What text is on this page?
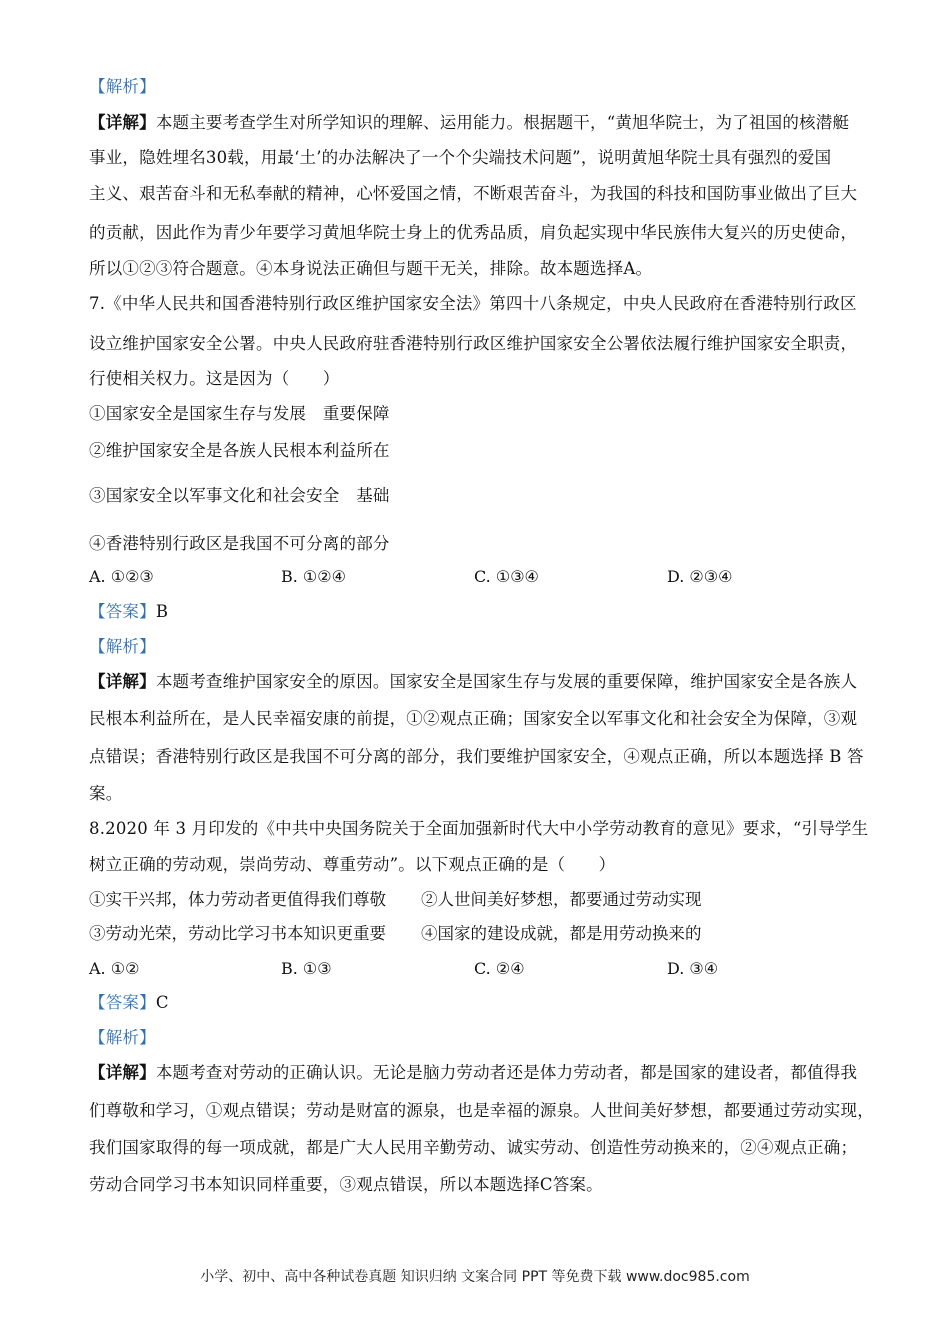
【解析】
【详解】本题主要考查学生对所学知识的理解、运用能力。根据题干，“黄旭华院士，为了祖国的核潜艇
事业，隐姓埋名30载，用最‘土’的办法解决了一个个尖端技术问题”，说明黄旭华院士具有强烈的爱国
主义、艰苦奋斗和无私奉献的精神，心怀爱国之情，不断艰苦奋斗，为我国的科技和国防事业做出了巨大
的贡献，因此作为青少年要学习黄旭华院士身上的优秀品质，肩负起实现中华民族伟大复兴的历史使命，
所以①②③符合题意。④本身说法正确但与题干无关，排除。故本题选择A。
7.《中华人民共和国香港特别行政区维护国家安全法》第四十八条规定，中央人民政府在香港特别行政区
设立维护国家安全公署。中央人民政府驻香港特别行政区维护国家安全公署依法履行维护国家安全职责，
行使相关权力。这是因为（　　）
①国家安全是国家生存与发展　重要保障
②维护国家安全是各族人民根本利益所在
③国家安全以军事文化和社会安全　基础
④香港特别行政区是我国不可分离的部分
A. ①②③	B. ①②④	C. ①③④	D. ②③④
【答案】B
【解析】
【详解】本题考查维护国家安全的原因。国家安全是国家生存与发展的重要保障，维护国家安全是各族人
民根本利益所在，是人民幸福安康的前提，①②观点正确；国家安全以军事文化和社会安全为保障，③观
点错误；香港特别行政区是我国不可分离的部分，我们要维护国家安全，④观点正确，所以本题选择 B 答
案。
8.2020 年 3 月印发的《中共中央国务院关于全面加强新时代大中小学劳动教育的意见》要求，“引导学生
树立正确的劳动观，崇尚劳动、尊重劳动”。以下观点正确的是（　　）
①实干兴邦，体力劳动者更值得我们尊敬 ②人世间美好梦想，都要通过劳动实现
③劳动光荣，劳动比学习书本知识更重要 ④国家的建设成就，都是用劳动换来的
A. ①②	B. ①③	C. ②④	D. ③④
【答案】C
【解析】
【详解】本题考查对劳动的正确认识。无论是脑力劳动者还是体力劳动者，都是国家的建设者，都值得我
们尊敬和学习，①观点错误；劳动是财富的源泉，也是幸福的源泉。人世间美好梦想，都要通过劳动实现，
我们国家取得的每一项成就，都是广大人民用辛勤劳动、诚实劳动、创造性劳动换来的，②④观点正确；
劳动合同学习书本知识同样重要，③观点错误，所以本题选择C答案。
小学、初中、高中各种试卷真题 知识归纳 文案合同 PPT 等免费下载 www.doc985.com
